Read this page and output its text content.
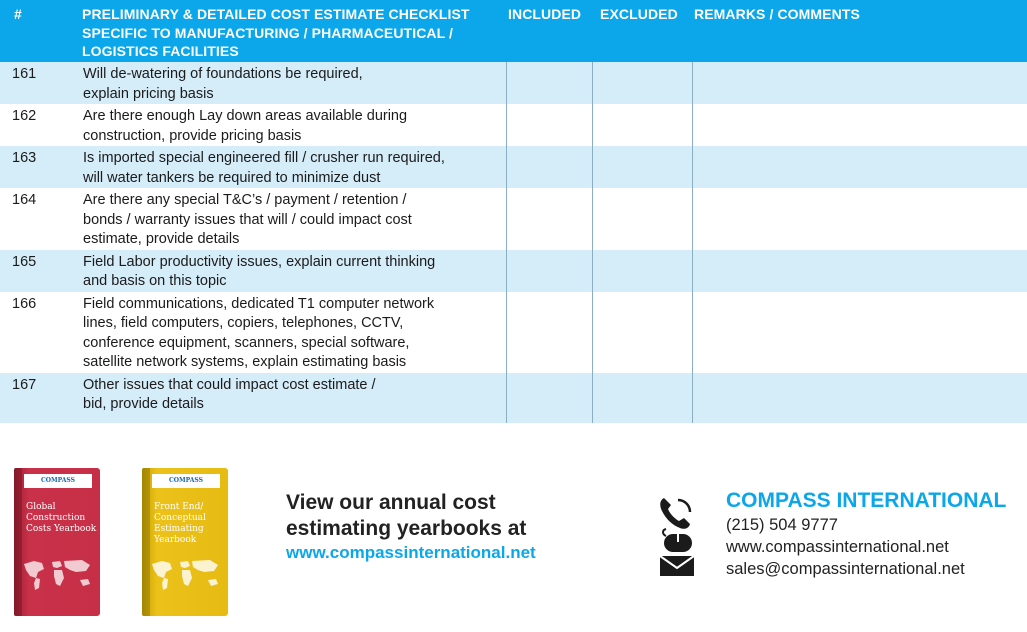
#	PRELIMINARY & DETAILED COST ESTIMATE CHECKLIST
SPECIFIC TO MANUFACTURING / PHARMACEUTICAL /
LOGISTICS FACILITIES	INCLUDED	EXCLUDED	REMARKS / COMMENTS
161	Will de-watering of foundations be required,
explain pricing basis			

162	Are there enough Lay down areas available during
construction, provide pricing basis			

163	Is imported special engineered fill / crusher run required,
will water tankers be required to minimize dust			

164	Are there any special T&C’s / payment / retention /
bonds / warranty issues that will / could impact cost
estimate, provide details			

165	Field Labor productivity issues, explain current thinking
and basis on this topic			

166	Field communications, dedicated T1 computer network
lines, field computers, copiers, telephones, CCTV,
conference equipment, scanners, special software,
satellite network systems, explain estimating basis			

167	Other issues that could impact cost estimate /
bid, provide details			

COMPASS
Global
Construction
Costs Yearbook
COMPASS
Front End/
Conceptual
Estimating
Yearbook
View our annual cost
estimating yearbooks at
www.compassinternational.net
COMPASS INTERNATIONAL
(215) 504 9777
www.compassinternational.net
sales@compassinternational.net
